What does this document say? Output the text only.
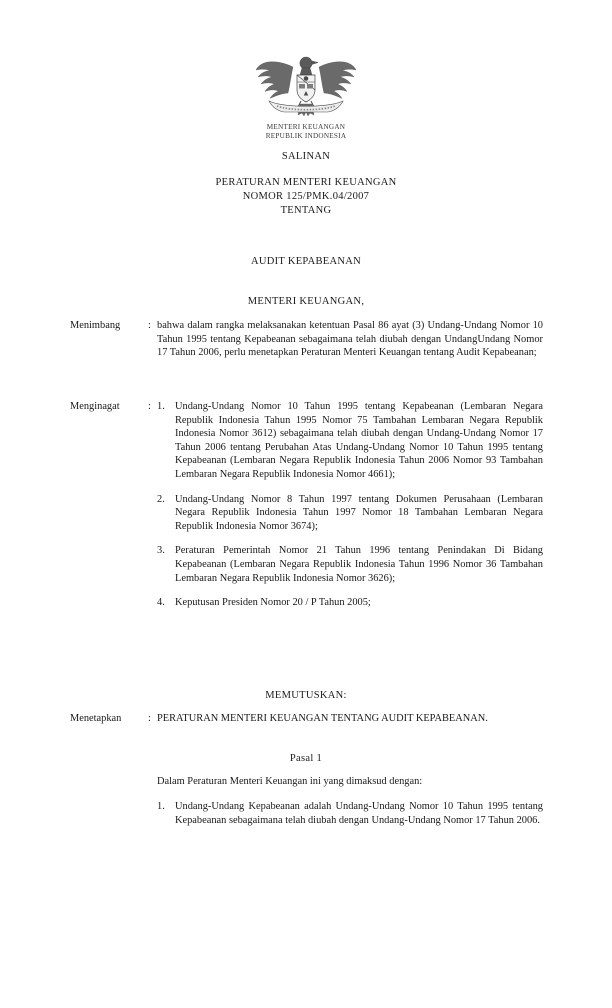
MENTERI KEUANGAN
REPUBLIK INDONESIA
SALINAN
PERATURAN MENTERI KEUANGAN
NOMOR 125/PMK.04/2007
TENTANG
AUDIT KEPABEANAN
MENTERI KEUANGAN,
Menimbang	: bahwa dalam rangka melaksanakan ketentuan Pasal 86 ayat (3) Undang-Undang Nomor 10 Tahun 1995 tentang Kepabeanan sebagaimana telah diubah dengan UndangUndang Nomor 17 Tahun 2006, perlu menetapkan Peraturan Menteri Keuangan tentang Audit Kepabeanan;

Menginagat	: 1. Undang-Undang Nomor 10 Tahun 1995 tentang Kepabeanan (Lembaran Negara Republik Indonesia Tahun 1995 Nomor 75 Tambahan Lembaran Negara Republik Indonesia Nomor 3612) sebagaimana telah diubah dengan Undang-Undang Nomor 17 Tahun 2006 tentang Perubahan Atas Undang-Undang Nomor 10 Tahun 1995 tentang Kepabeanan (Lembaran Negara Republik Indonesia Tahun 2006 Nomor 93 Tambahan Lembaran Negara Republik Indonesia Nomor 4661);
2. Undang-Undang Nomor 8 Tahun 1997 tentang Dokumen Perusahaan (Lembaran Negara Republik Indonesia Tahun 1997 Nomor 18 Tambahan Lembaran Negara Republik Indonesia Nomor 3674);
3. Peraturan Pemerintah Nomor 21 Tahun 1996 tentang Penindakan Di Bidang Kepabeanan (Lembaran Negara Republik Indonesia Tahun 1996 Nomor 36 Tambahan Lembaran Negara Republik Indonesia Nomor 3626);
4. Keputusan Presiden Nomor 20 / P Tahun 2005;
Menetapkan	: PERATURAN MENTERI KEUANGAN TENTANG AUDIT KEPABEANAN.

MEMUTUSKAN:
Pasal 1
Dalam Peraturan Menteri Keuangan ini yang dimaksud dengan:
1. Undang-Undang Kepabeanan adalah Undang-Undang Nomor 10 Tahun 1995 tentang Kepabeanan sebagaimana telah diubah dengan Undang-Undang Nomor 17 Tahun 2006.
